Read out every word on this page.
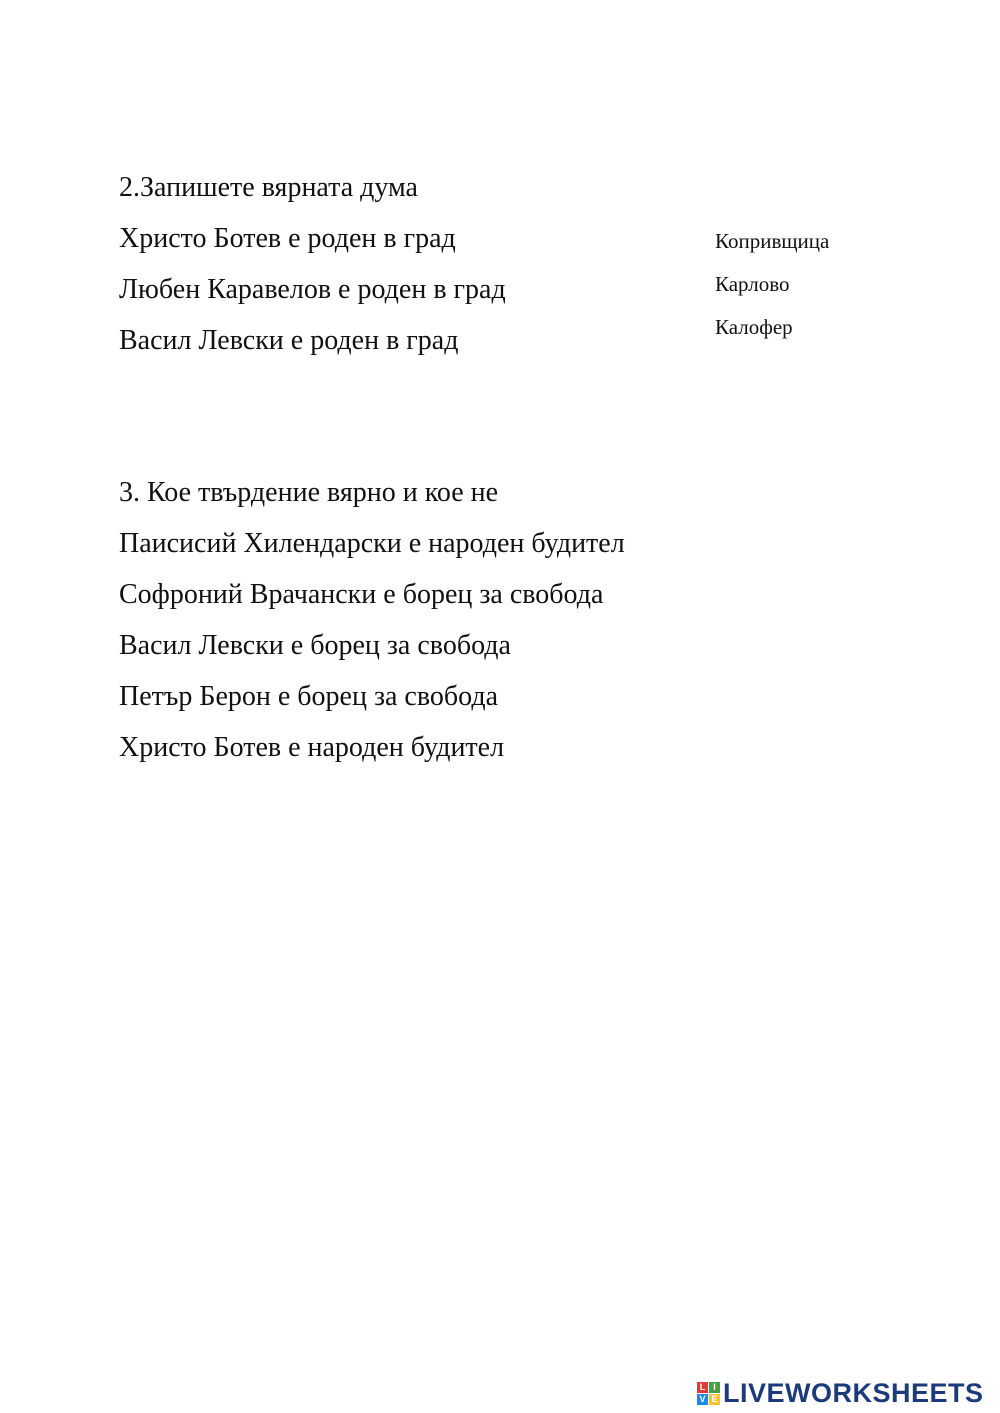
2.Запишете вярната дума
Христо Ботев е роден в град
Любен Каравелов е роден в град
Васил Левски е роден в град
Копривщица
Карлово
Калофер
3. Кое твърдение вярно и кое не
Паисисий Хилендарски е народен будител
Софроний Врачански е борец за свобода
Васил Левски е борец за свобода
Петър Берон е борец за свобода
Христо Ботев е народен будител
L I
V E LIVEWORKSHEETS
